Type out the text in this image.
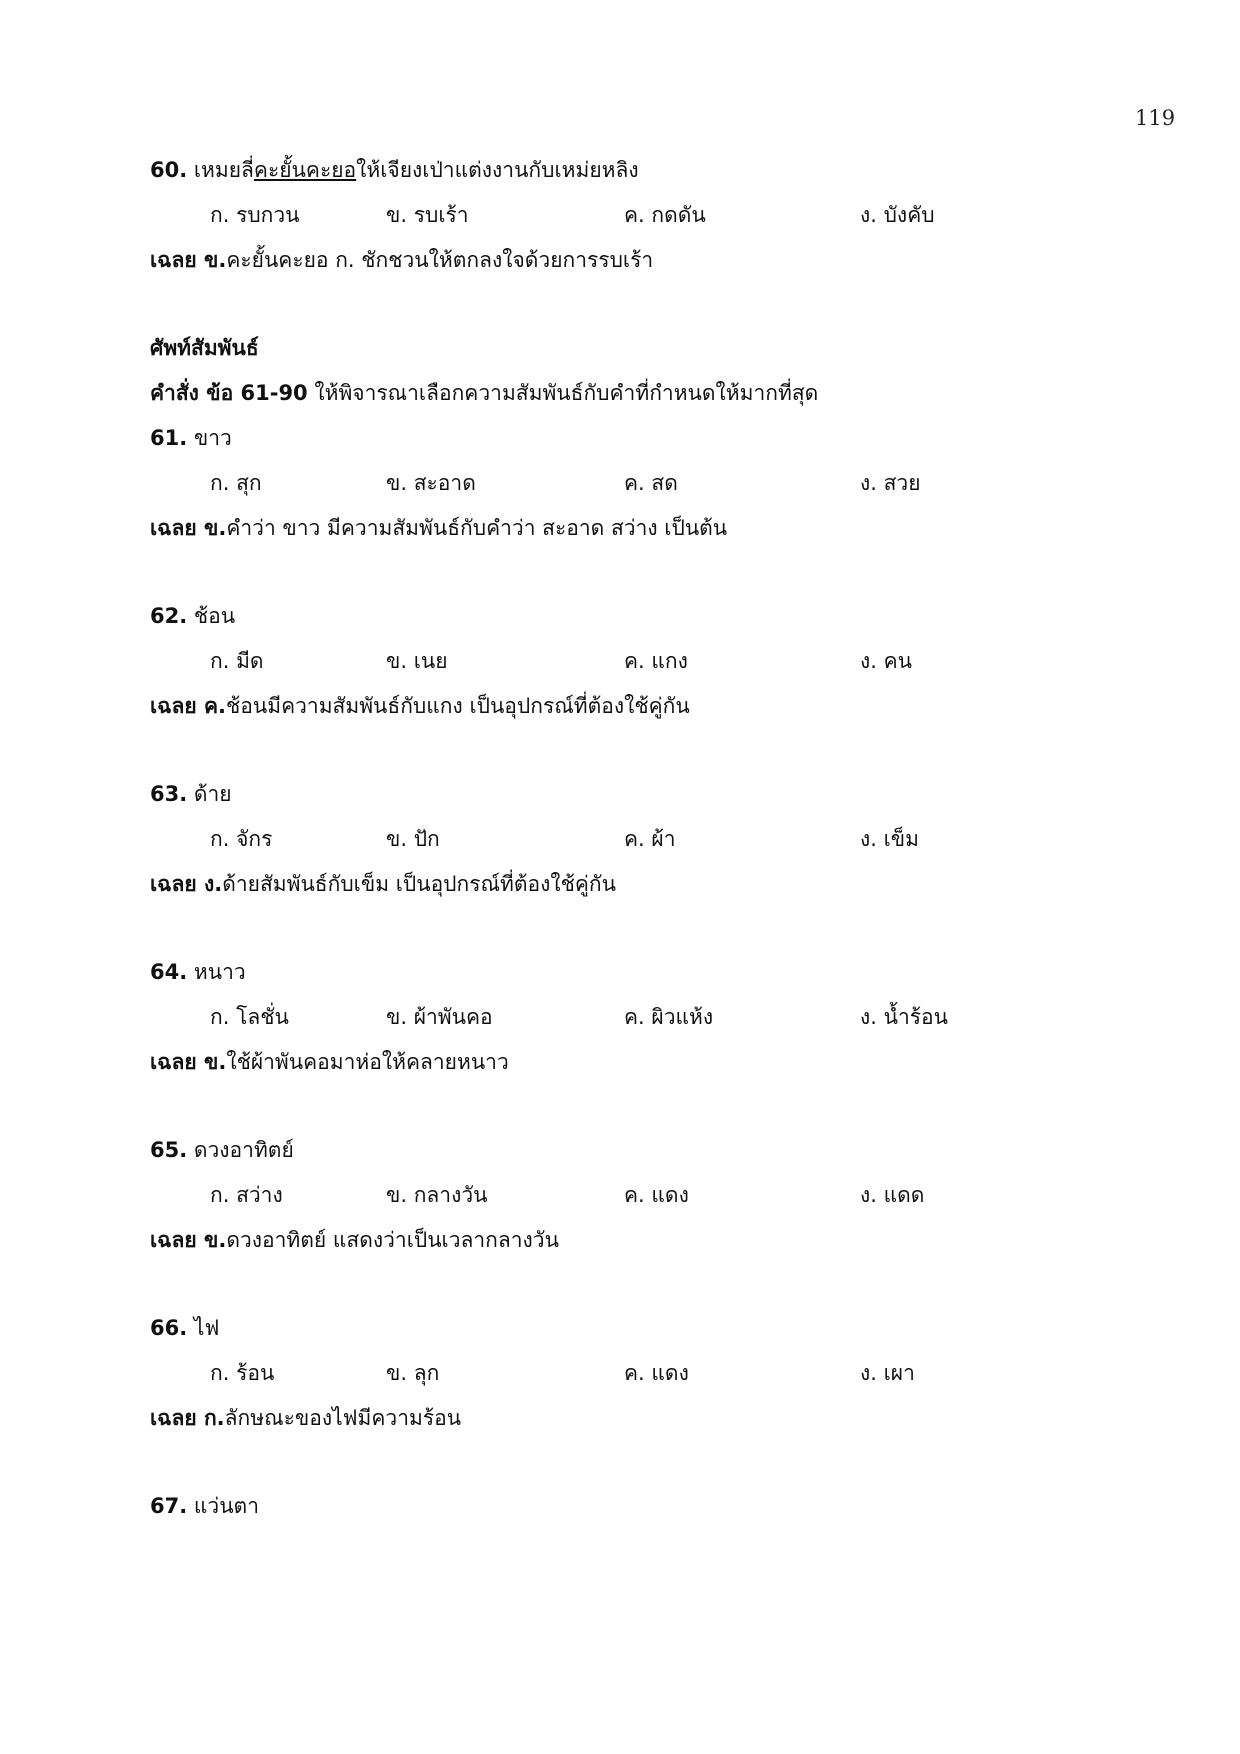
119
60. เหมยลี่คะยั้นคะยอให้เจียงเป่าแต่งงานกับเหม่ยหลิง
ก. รบกวน	ข. รบเร้า	ค. กดดัน	ง. บังคับ
เฉลย ข.คะยั้นคะยอ ก. ชักชวนให้ตกลงใจด้วยการรบเร้า
ศัพท์สัมพันธ์
คำสั่ง ข้อ 61-90 ให้พิจารณาเลือกความสัมพันธ์กับคำที่กำหนดให้มากที่สุด
61. ขาว
ก. สุก	ข. สะอาด	ค. สด	ง. สวย
เฉลย ข.คำว่า ขาว มีความสัมพันธ์กับคำว่า สะอาด สว่าง เป็นต้น
62. ช้อน
ก. มีด	ข. เนย	ค. แกง	ง. คน
เฉลย ค.ช้อนมีความสัมพันธ์กับแกง เป็นอุปกรณ์ที่ต้องใช้คู่กัน
63. ด้าย
ก. จักร	ข. ปัก	ค. ผ้า	ง. เข็ม
เฉลย ง.ด้ายสัมพันธ์กับเข็ม เป็นอุปกรณ์ที่ต้องใช้คู่กัน
64. หนาว
ก. โลชั่น	ข. ผ้าพันคอ	ค. ผิวแห้ง	ง. น้ำร้อน
เฉลย ข.ใช้ผ้าพันคอมาห่อให้คลายหนาว
65. ดวงอาทิตย์
ก. สว่าง	ข. กลางวัน	ค. แดง	ง. แดด
เฉลย ข.ดวงอาทิตย์ แสดงว่าเป็นเวลากลางวัน
66. ไฟ
ก. ร้อน	ข. ลุก	ค. แดง	ง. เผา
เฉลย ก.ลักษณะของไฟมีความร้อน
67. แว่นตา
